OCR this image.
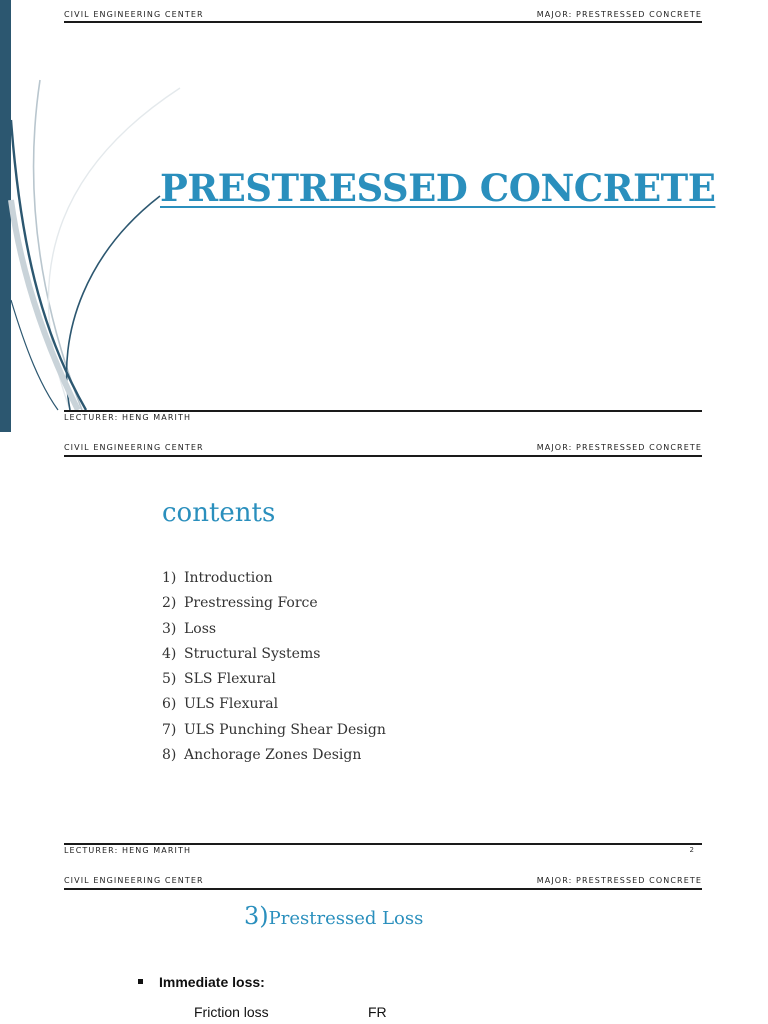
CIVIL ENGINEERING CENTER	MAJOR: PRESTRESSED CONCRETE
PRESTRESSED CONCRETE
LECTURER: HENG MARITH
CIVIL ENGINEERING CENTER	MAJOR: PRESTRESSED CONCRETE
contents
1) Introduction
2) Prestressing Force
3) Loss
4) Structural Systems
5) SLS Flexural
6) ULS Flexural
7) ULS Punching Shear Design
8) Anchorage Zones Design
LECTURER: HENG MARITH	2
CIVIL ENGINEERING CENTER	MAJOR: PRESTRESSED CONCRETE
3)Prestressed Loss
Immediate loss:
Friction loss	FR
